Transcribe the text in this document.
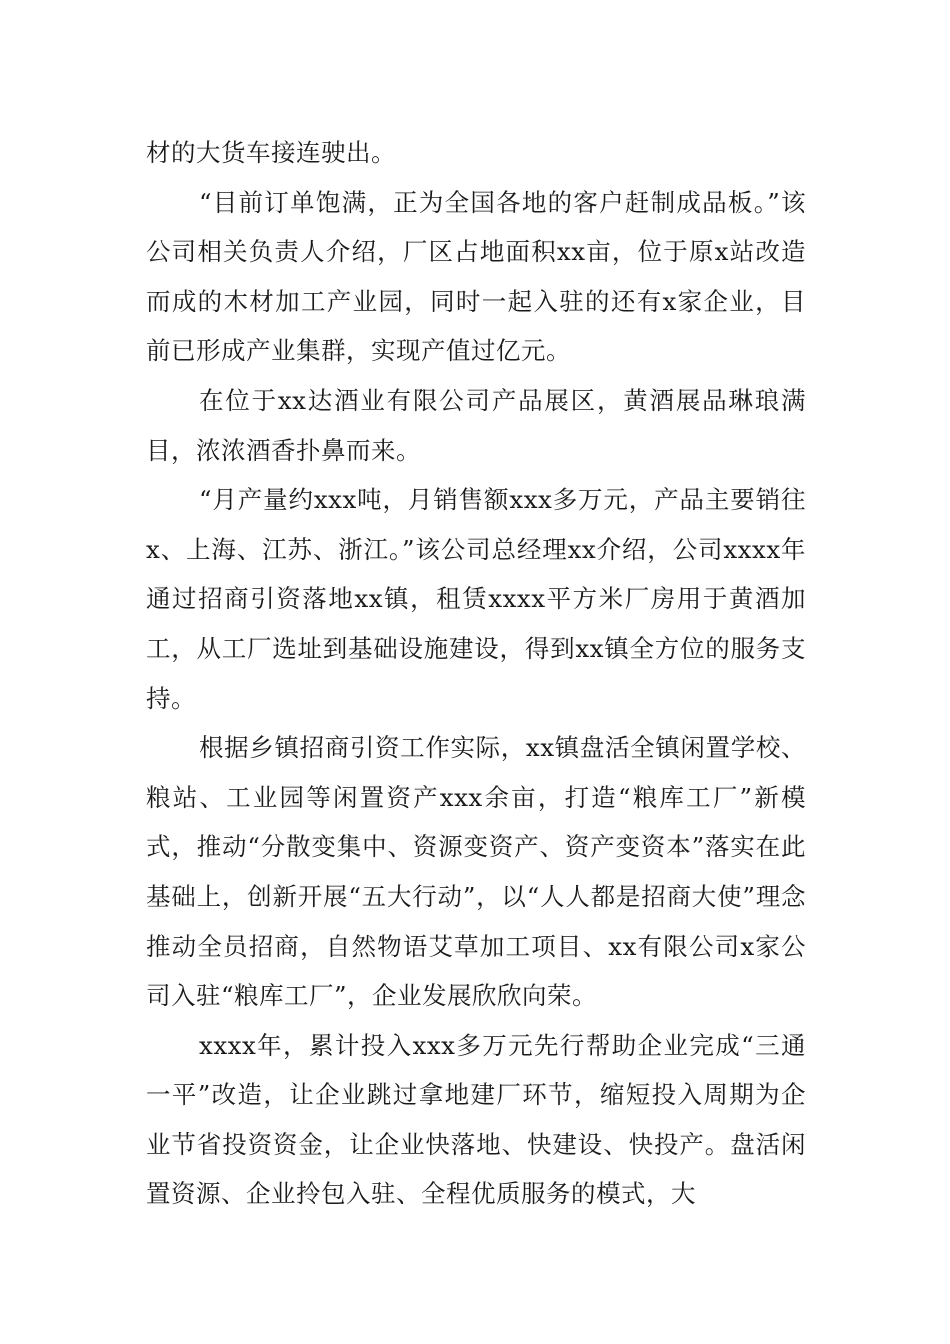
材的大货车接连驶出。

“目前订单饱满，正为全国各地的客户赶制成品板。”该公司相关负责人介绍，厂区占地面积xx亩，位于原x站改造而成的木材加工产业园，同时一起入驻的还有x家企业，目前已形成产业集群，实现产值过亿元。

在位于xx达酒业有限公司产品展区，黄酒展品琳琅满目，浓浓酒香扑鼻而来。

“月产量约xxx吨，月销售额xxx多万元，产品主要销往x、上海、江苏、浙江。”该公司总经理xx介绍，公司xxxx年通过招商引资落地xx镇，租赁xxxx平方米厂房用于黄酒加工，从工厂选址到基础设施建设，得到xx镇全方位的服务支持。

根据乡镇招商引资工作实际，xx镇盘活全镇闲置学校、粮站、工业园等闲置资产xxx余亩，打造“粮库工厂”新模式，推动“分散变集中、资源变资产、资产变资本”落实在此基础上，创新开展“五大行动”，以“人人都是招商大使”理念推动全员招商，自然物语艾草加工项目、xx有限公司x家公司入驻“粮库工厂”，企业发展欣欣向荣。

xxxx年，累计投入xxx多万元先行帮助企业完成“三通一平”改造，让企业跳过拿地建厂环节，缩短投入周期为企业节省投资资金，让企业快落地、快建设、快投产。盘活闲置资源、企业拎包入驻、全程优质服务的模式，大
